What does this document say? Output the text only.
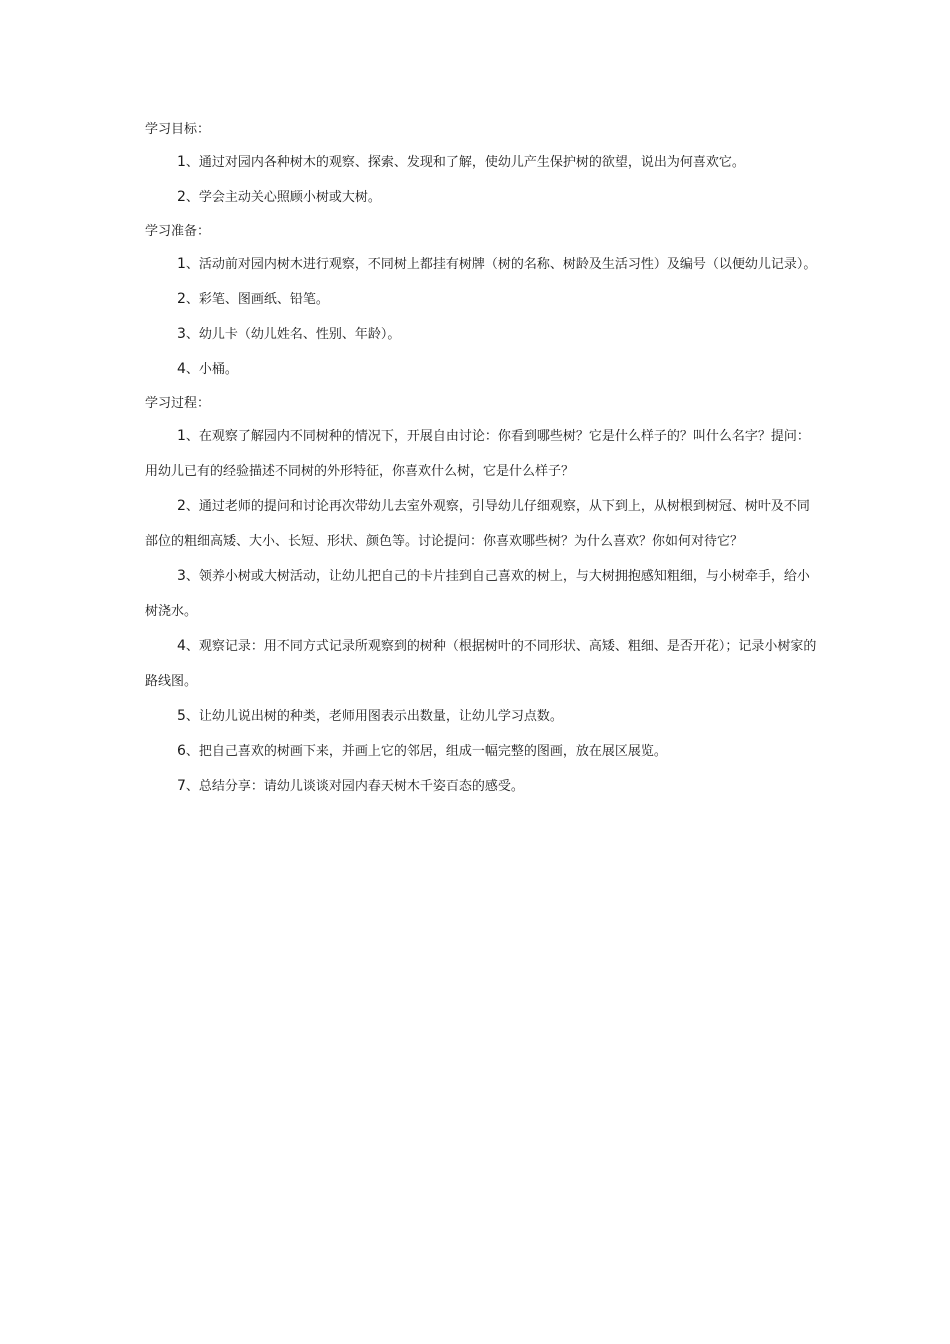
学习目标：

1、通过对园内各种树木的观察、探索、发现和了解，使幼儿产生保护树的欲望，说出为何喜欢它。

2、学会主动关心照顾小树或大树。

学习准备：

1、活动前对园内树木进行观察，不同树上都挂有树牌（树的名称、树龄及生活习性）及编号（以便幼儿记录）。

2、彩笔、图画纸、铅笔。

3、幼儿卡（幼儿姓名、性别、年龄）。

4、小桶。

学习过程：

1、在观察了解园内不同树种的情况下，开展自由讨论：你看到哪些树？它是什么样子的？叫什么名字？提问：用幼儿已有的经验描述不同树的外形特征，你喜欢什么树，它是什么样子？

2、通过老师的提问和讨论再次带幼儿去室外观察，引导幼儿仔细观察，从下到上，从树根到树冠、树叶及不同部位的粗细高矮、大小、长短、形状、颜色等。讨论提问：你喜欢哪些树？为什么喜欢？你如何对待它？

3、领养小树或大树活动，让幼儿把自己的卡片挂到自己喜欢的树上，与大树拥抱感知粗细，与小树牵手，给小树浇水。

4、观察记录：用不同方式记录所观察到的树种（根据树叶的不同形状、高矮、粗细、是否开花）；记录小树家的路线图。

5、让幼儿说出树的种类，老师用图表示出数量，让幼儿学习点数。

6、把自己喜欢的树画下来，并画上它的邻居，组成一幅完整的图画，放在展区展览。

7、总结分享：请幼儿谈谈对园内春天树木千姿百态的感受。
